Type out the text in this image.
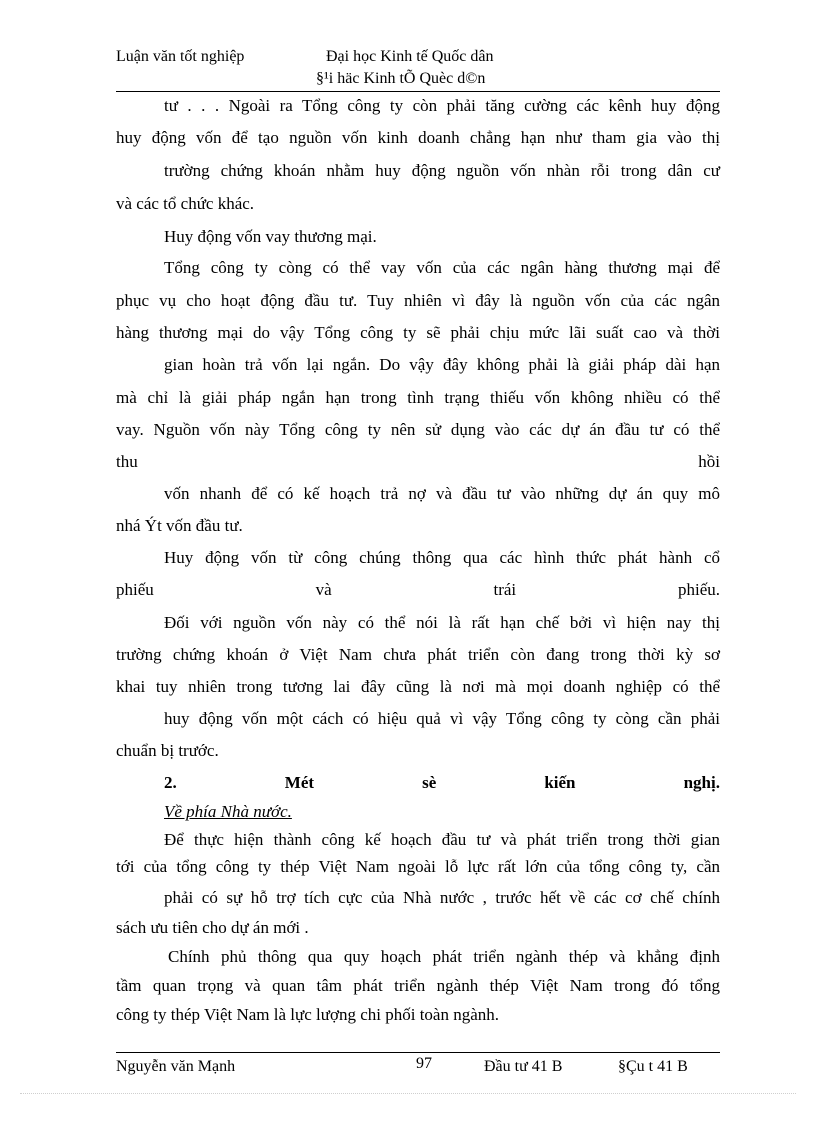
Luận văn tốt nghiệp	Đại học Kinh tế Quốc dân
§¹i häc Kinh tÕ Quèc d©n
tư . . . Ngoài ra Tổng công ty còn phải tăng cường các kênh huy động
huy động vốn để tạo nguồn vốn kinh doanh chẳng hạn như tham gia vào thị
trường chứng khoán nhằm huy động nguồn vốn nhàn rỗi trong dân cư
và các tổ chức khác.
Huy động vốn vay thương mại.
Tổng công ty còng có thể vay vốn của các ngân hàng thương mại để
phục vụ cho hoạt động đầu tư. Tuy nhiên vì đây là nguồn vốn của các ngân
hàng thương mại do vậy Tổng công ty sẽ phải chịu mức lãi suất cao và thời
gian hoàn trả vốn lại ngắn. Do vậy đây không phải là giải pháp dài hạn
mà chỉ là giải pháp ngắn hạn trong tình trạng thiếu vốn không nhiều có thể
vay. Nguồn vốn này Tổng công ty nên sử dụng vào các dự án đầu tư có thể
thu	hồi
vốn nhanh để có kế hoạch trả nợ và đầu tư vào những dự án quy mô
nhá Ýt vốn đầu tư.
Huy động vốn từ công chúng thông qua các hình thức phát hành cổ
phiếu	và	trái	phiếu.
Đối với nguồn vốn này có thể nói là rất hạn chế bởi vì hiện nay thị
trường chứng khoán ở Việt Nam chưa phát triển còn đang trong thời kỳ sơ
khai tuy nhiên trong tương lai đây cũng là nơi mà mọi doanh nghiệp có thể
huy động vốn một cách có hiệu quả vì vậy Tổng công ty còng cần phải
chuẩn bị trước.
2.	Mét	sè	kiến	nghị.
Về phía Nhà nước.
Để thực hiện thành công kế hoạch đầu tư và phát triển trong thời gian
tới của tổng công ty thép Việt Nam ngoài lỗ lực rất lớn của tổng công ty, cần
phải có sự hỗ trợ tích cực của Nhà nước , trước hết về các cơ chế chính
sách ưu tiên cho dự án mới .
Chính phủ thông qua quy hoạch phát triển ngành thép và khẳng định
tầm quan trọng và quan tâm phát triển ngành thép Việt Nam trong đó tổng
công ty thép Việt Nam là lực lượng chi phối toàn ngành.
Nguyễn văn Mạnh	97	Đầu tư 41 B	§Çu t 41 B
